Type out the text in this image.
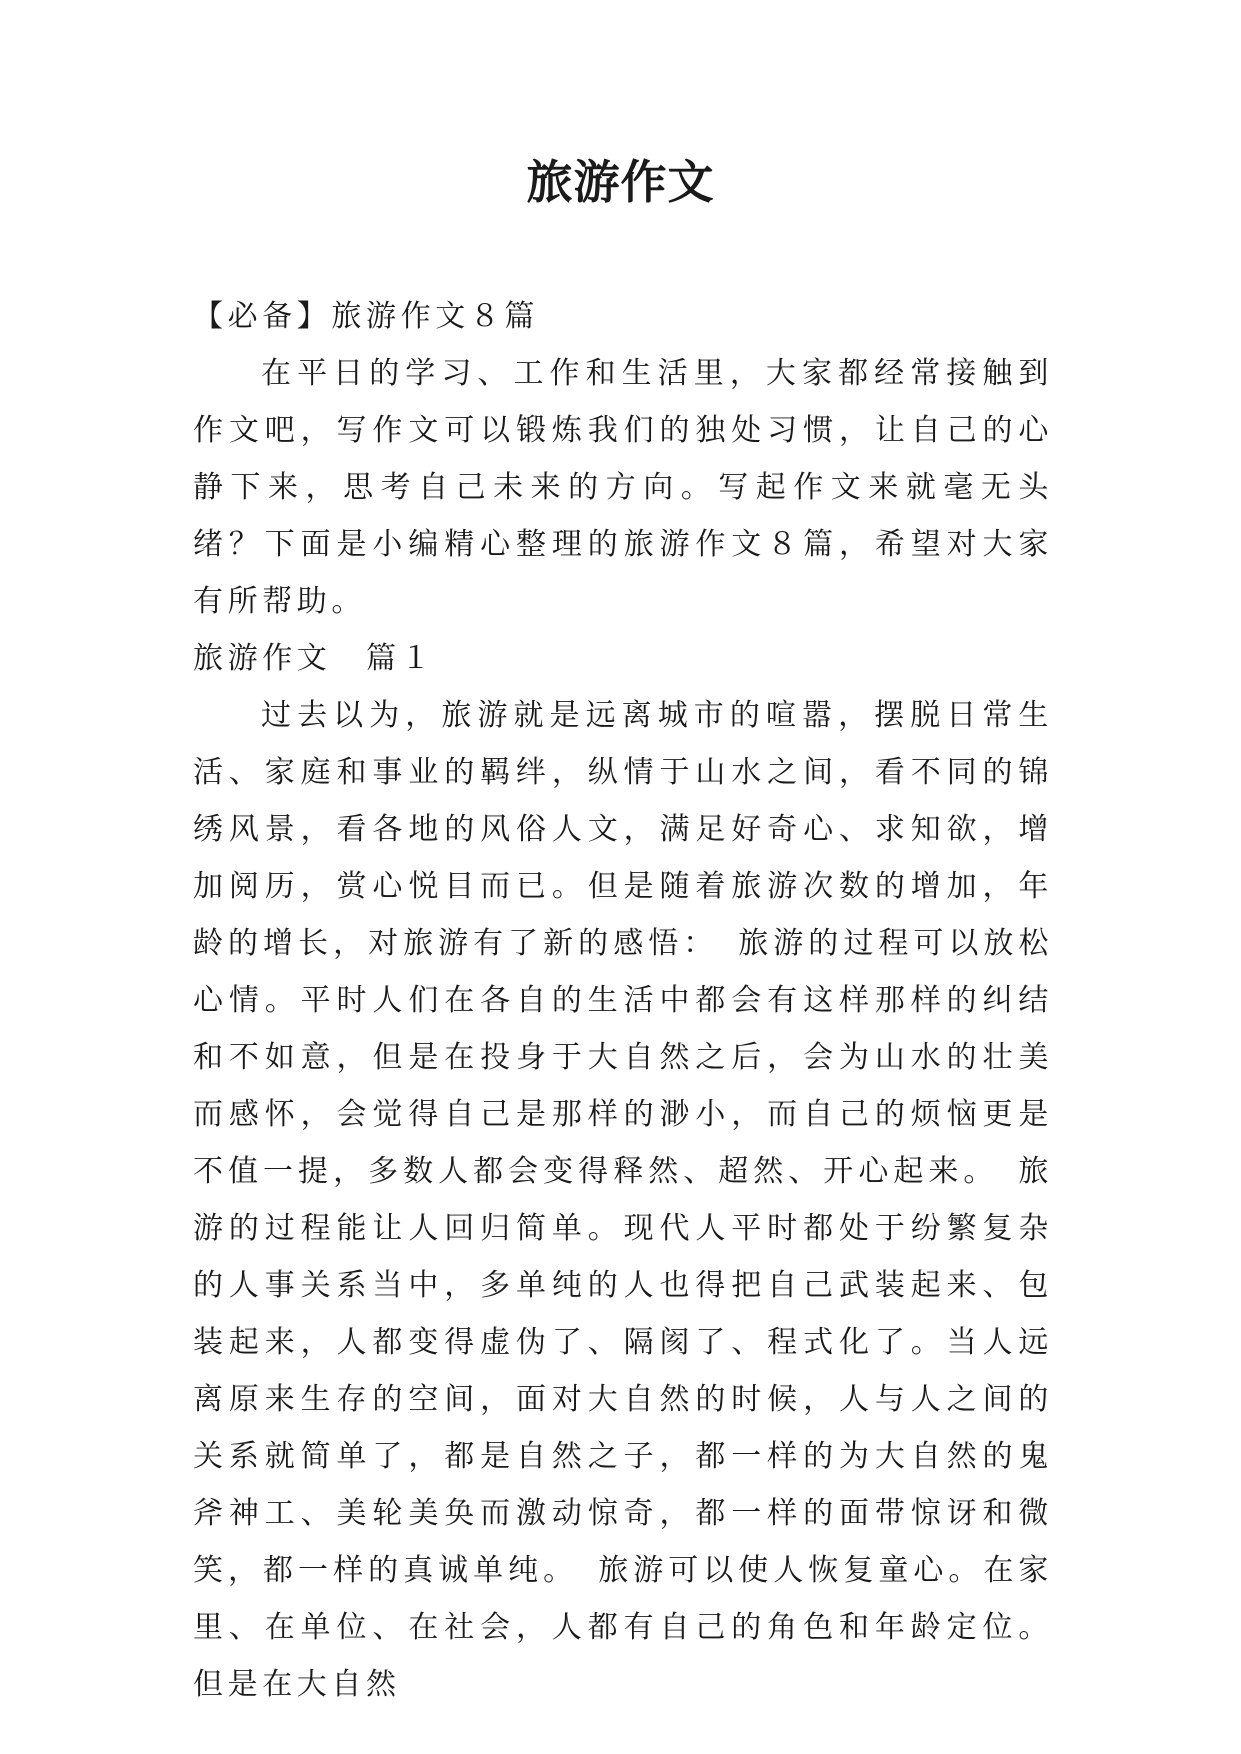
旅游作文

【必备】旅游作文８篇

在平日的学习、工作和生活里，大家都经常接触到作文吧，写作文可以锻炼我们的独处习惯，让自己的心静下来，思考自己未来的方向。写起作文来就毫无头绪？下面是小编精心整理的旅游作文８篇，希望对大家有所帮助。

旅游作文　篇１

过去以为，旅游就是远离城市的喧嚣，摆脱日常生活、家庭和事业的羁绊，纵情于山水之间，看不同的锦绣风景，看各地的风俗人文，满足好奇心、求知欲，增加阅历，赏心悦目而已。但是随着旅游次数的增加，年龄的增长，对旅游有了新的感悟：　旅游的过程可以放松心情。平时人们在各自的生活中都会有这样那样的纠结和不如意，但是在投身于大自然之后，会为山水的壮美而感怀，会觉得自己是那样的渺小，而自己的烦恼更是不值一提，多数人都会变得释然、超然、开心起来。　旅游的过程能让人回归简单。现代人平时都处于纷繁复杂的人事关系当中，多单纯的人也得把自己武装起来、包装起来，人都变得虚伪了、隔阂了、程式化了。当人远离原来生存的空间，面对大自然的时候，人与人之间的关系就简单了，都是自然之子，都一样的为大自然的鬼斧神工、美轮美奂而激动惊奇，都一样的面带惊讶和微笑，都一样的真诚单纯。　旅游可以使人恢复童心。在家里、在单位、在社会，人都有自己的角色和年龄定位。但是在大自然
